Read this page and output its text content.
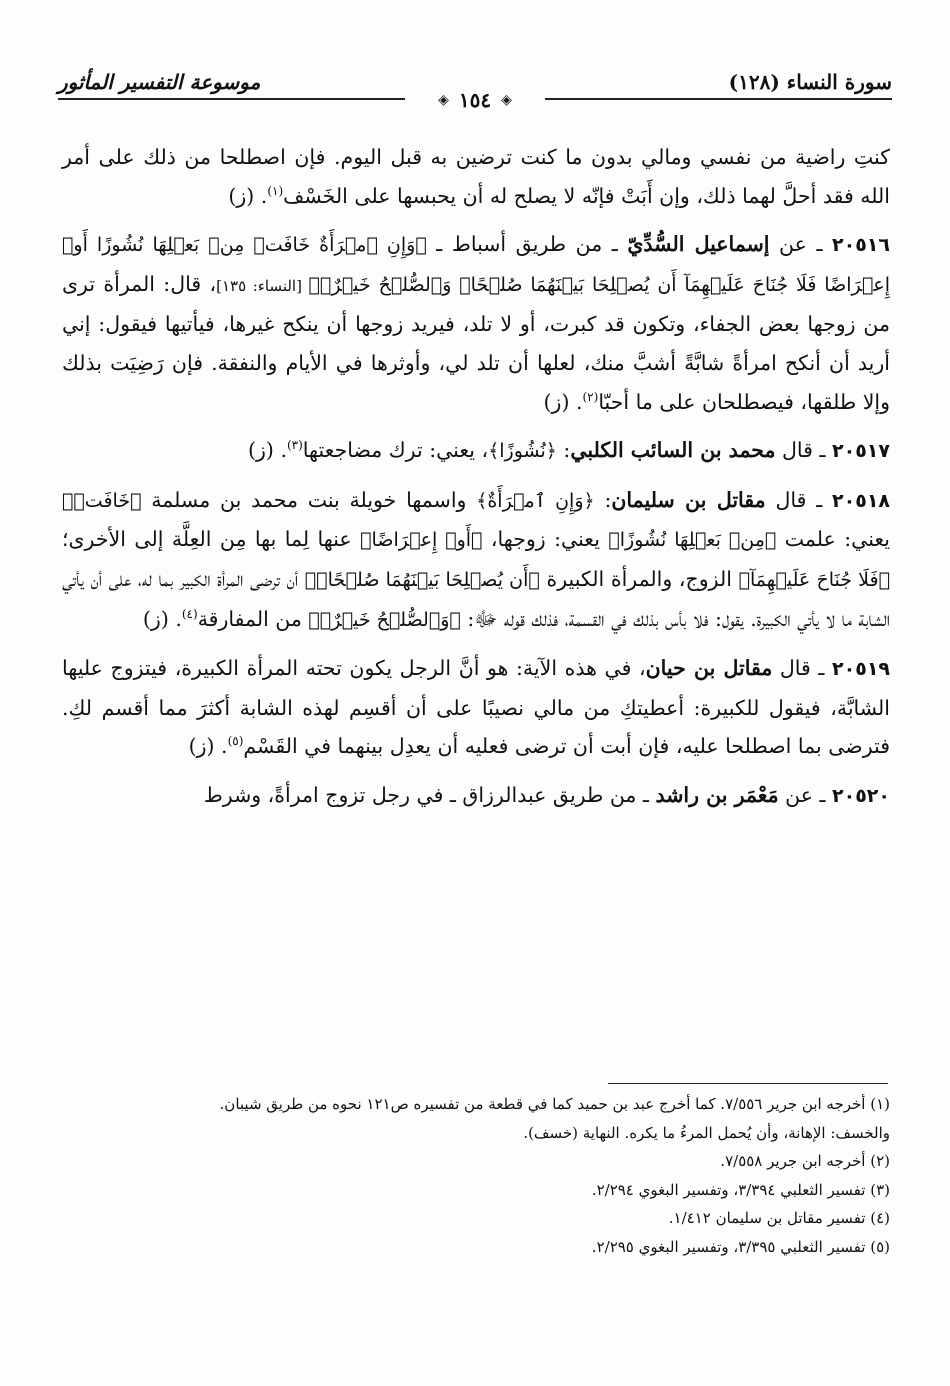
سورة النساء (١٢٨)
موسوعة التفسير المأثور
◈
١٥٤
◈

كنتِ راضية من نفسي ومالي بدون ما كنت ترضين به قبل اليوم. فإن اصطلحا من ذلك على أمر الله فقد أحلَّ لهما ذلك، وإن أَبَتْ فإنّه لا يصلح له أن يحبسها على الخَسْف$^{(١)}$. (ز)

٢٠٥١٦ ـ عن إسماعيل السُّدِّيّ ـ من طريق أسباط ـ ﴿وَإِنِ ٱمۡرَأَةٌ خَافَتۡ مِنۢ بَعۡلِهَا نُشُوزًا أَوۡ إِعۡرَاضًا فَلَا جُنَاحَ عَلَيۡهِمَآ أَن يُصۡلِحَا بَيۡنَهُمَا صُلۡحًاۚ وَٱلصُّلۡحُ خَيۡرٌۗ﴾ [النساء: ١٣٥]، قال: المرأة ترى من زوجها بعض الجفاء، وتكون قد كبرت، أو لا تلد، فيريد زوجها أن ينكح غيرها، فيأتيها فيقول: إني أريد أن أنكح امرأةً شابَّةً أشبَّ منك، لعلها أن تلد لي، وأوثرها في الأيام والنفقة. فإن رَضِيَت بذلك وإلا طلقها، فيصطلحان على ما أحبّا$^{(٢)}$. (ز)

٢٠٥١٧ ـ قال محمد بن السائب الكلبي: ﴿نُشُوزًا﴾، يعني: ترك مضاجعتها$^{(٣)}$. (ز)

٢٠٥١٨ ـ قال مقاتل بن سليمان: ﴿وَإِنِ ٱمۡرَأَةٌ﴾ واسمها خويلة بنت محمد بن مسلمة ﴿خَافَتۡ﴾ يعني: علمت ﴿مِنۢ بَعۡلِهَا نُشُوزًا﴾ يعني: زوجها، ﴿أَوۡ إِعۡرَاضًا﴾ عنها لِما بها مِن العِلَّة إلى الأخرى؛ ﴿فَلَا جُنَاحَ عَلَيۡهِمَآ﴾ الزوج، والمرأة الكبيرة ﴿أَن يُصۡلِحَا بَيۡنَهُمَا صُلۡحًاۚ﴾ أن ترضى المرأة الكبير بما له، على أن يأتي الشابة ما لا يأتي الكبيرة. يقول: فلا بأس بذلك في القسمة، فذلك قوله ﷻ: ﴿وَٱلصُّلۡحُ خَيۡرٌۗ﴾ من المفارقة$^{(٤)}$. (ز)

٢٠٥١٩ ـ قال مقاتل بن حيان، في هذه الآية: هو أنَّ الرجل يكون تحته المرأة الكبيرة، فيتزوج عليها الشابَّة، فيقول للكبيرة: أعطيتكِ من مالي نصيبًا على أن أقسِم لهذه الشابة أكثرَ مما أقسم لكِ. فترضى بما اصطلحا عليه، فإن أبت أن ترضى فعليه أن يعدِل بينهما في القَسْم$^{(٥)}$. (ز)

٢٠٥٢٠ ـ عن مَعْمَر بن راشد ـ من طريق عبدالرزاق ـ في رجل تزوج امرأةً، وشرط

(١) أخرجه ابن جرير ٧/٥٥٦. كما أخرج عبد بن حميد كما في قطعة من تفسيره ص١٢١ نحوه من طريق شيبان.

والخسف: الإهانة، وأن يُحمل المرءُ ما يكره. النهاية (خسف).

(٢) أخرجه ابن جرير ٧/٥٥٨.

(٣) تفسير الثعلبي ٣/٣٩٤، وتفسير البغوي ٢/٢٩٤.

(٤) تفسير مقاتل بن سليمان ١/٤١٢.

(٥) تفسير الثعلبي ٣/٣٩٥، وتفسير البغوي ٢/٢٩٥.
